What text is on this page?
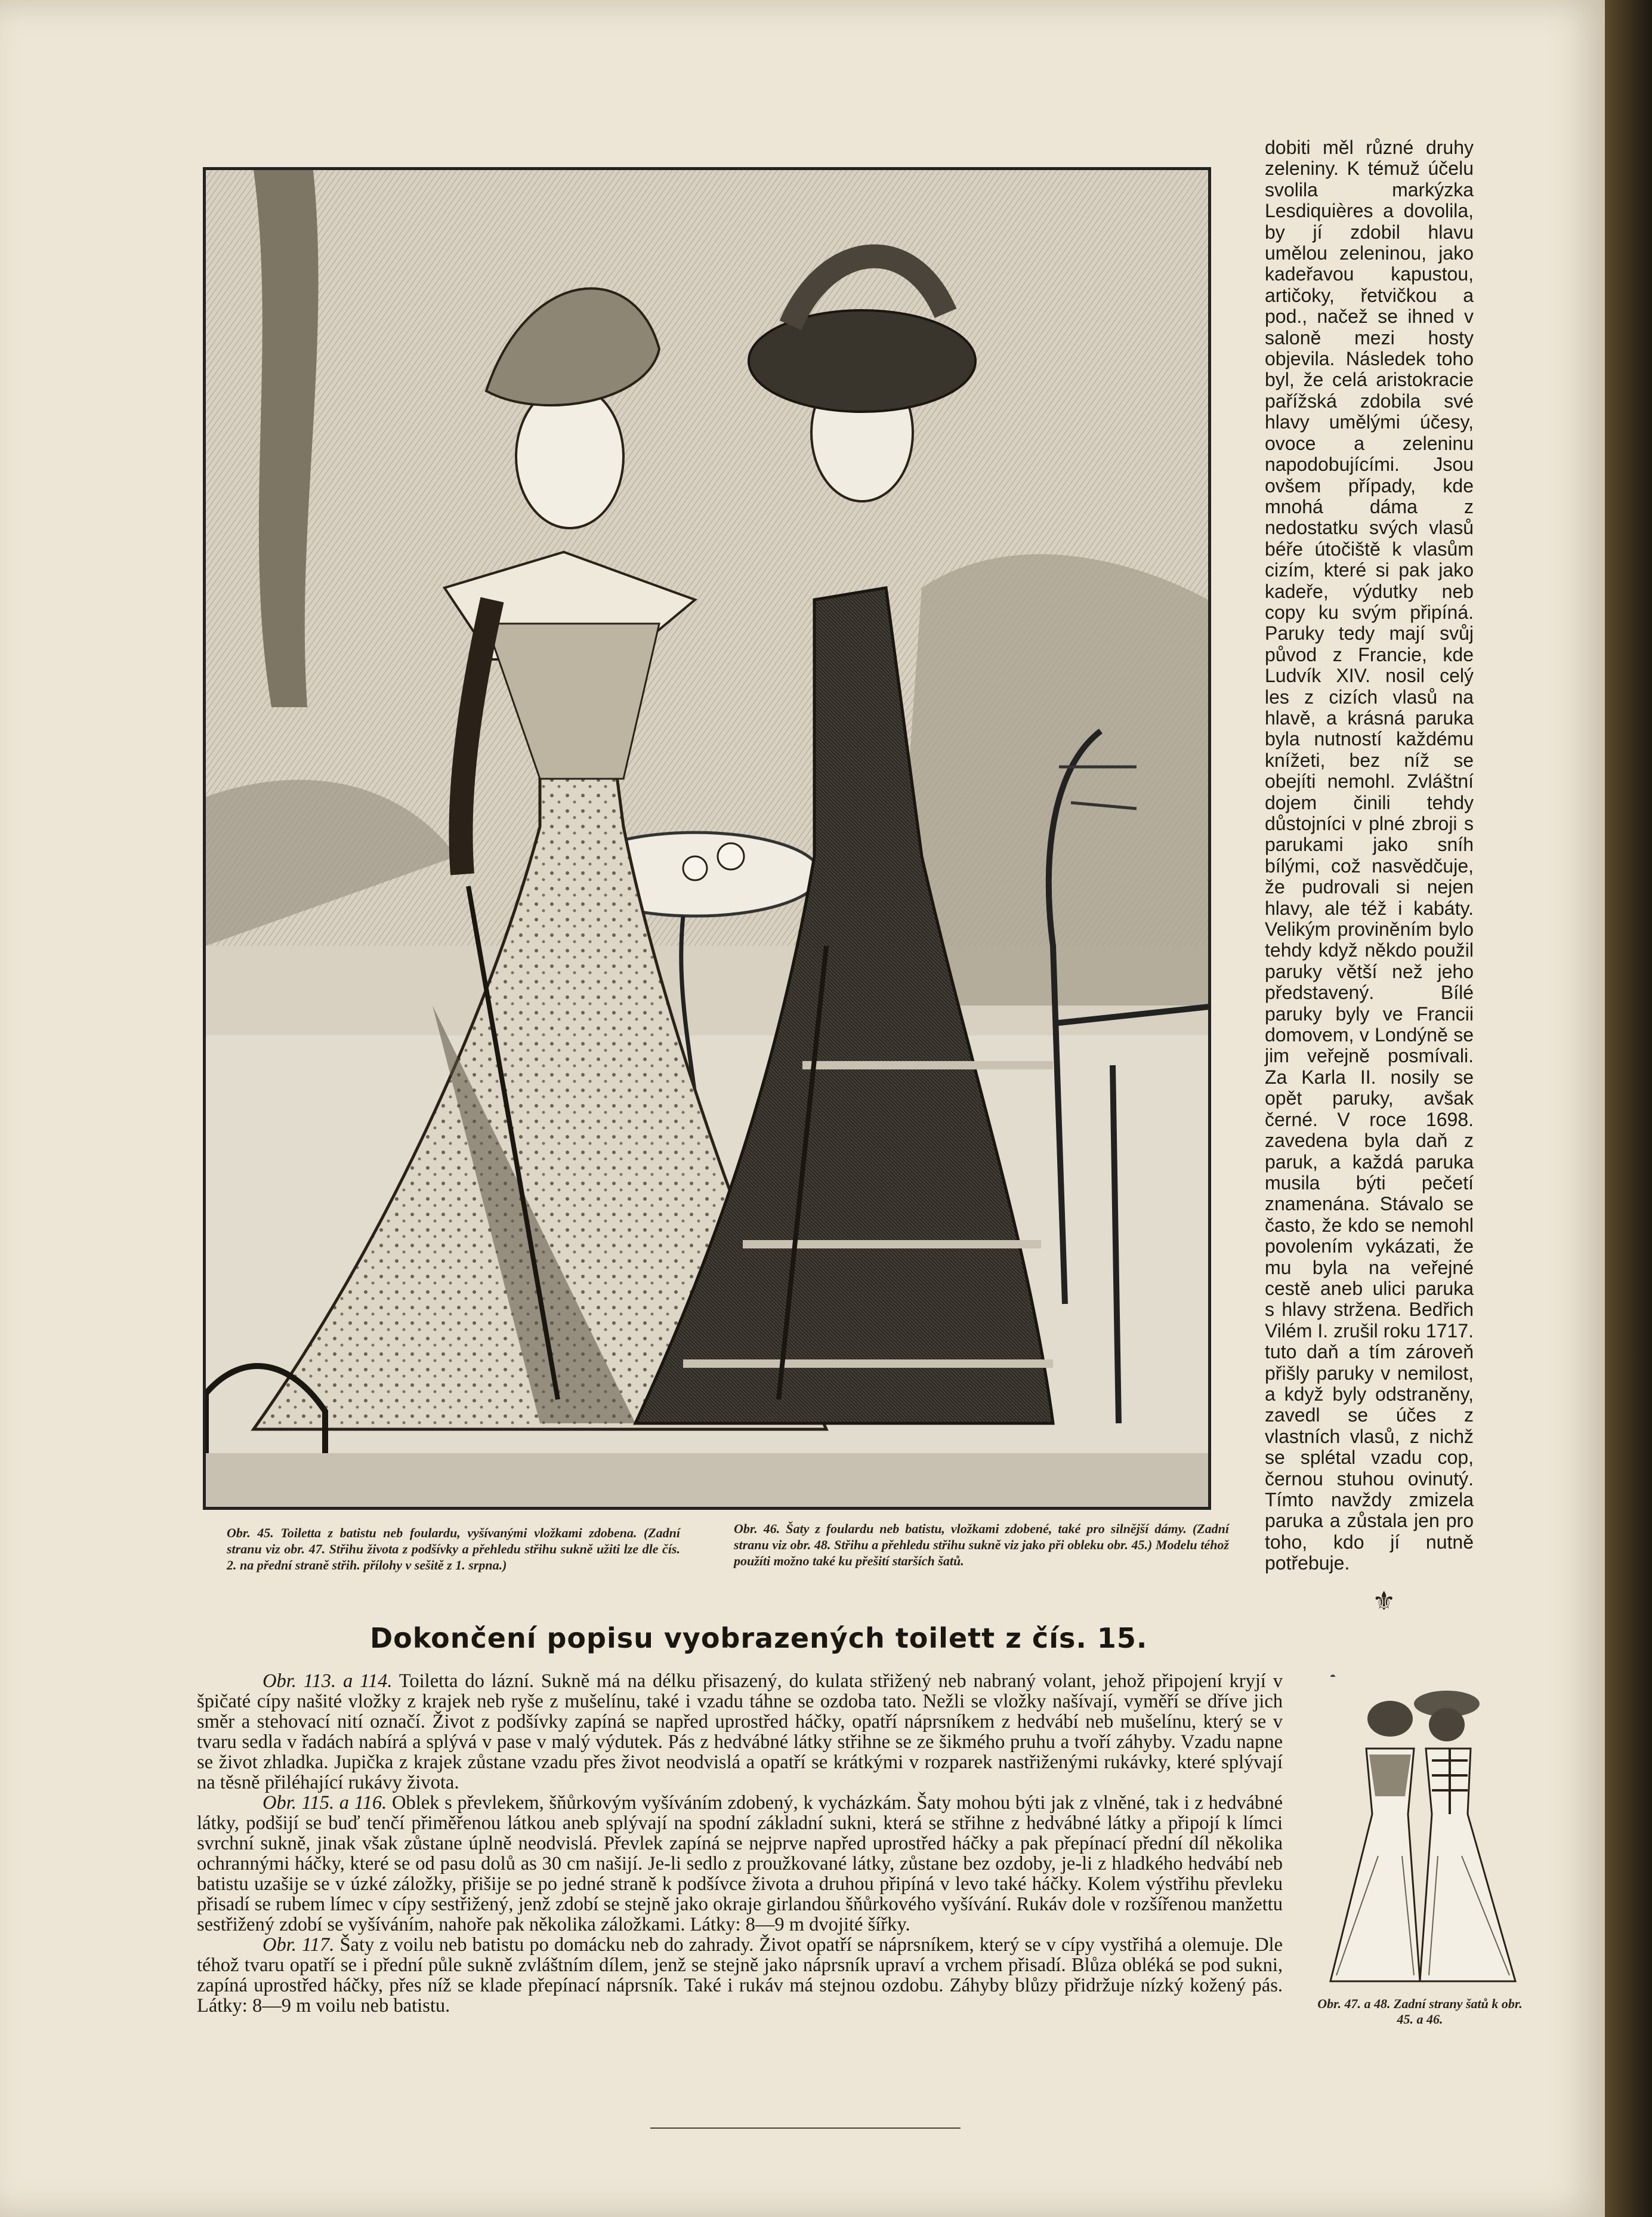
Obr. 45. Toiletta z batistu neb foulardu, vyšívanými vložkami zdobena. (Zadní stranu viz obr. 47. Střihu života z podšívky a přehledu střihu sukně užiti lze dle čís. 2. na přední straně střih. přílohy v sešitě z 1. srpna.)
Obr. 46. Šaty z foulardu neb batistu, vložkami zdobené, také pro silnější dámy. (Zadní stranu viz obr. 48. Střihu a přehledu střihu sukně viz jako při obleku obr. 45.) Modelu téhož použíti možno také ku přešití starších šatů.

dobiti měl různé druhy zeleniny. K témuž účelu svolila markýzka Lesdiquières a dovolila, by jí zdobil hlavu umělou zeleninou, jako kadeřavou kapustou, artičoky, řetvičkou a pod., načež se ihned v saloně mezi hosty objevila. Následek toho byl, že celá aristokracie pařížská zdobila své hlavy umělými účesy, ovoce a zeleninu napodobujícími. Jsou ovšem případy, kde mnohá dáma z nedostatku svých vlasů béře útočiště k vlasům cizím, které si pak jako kadeře, výdutky neb copy ku svým připíná. Paruky tedy mají svůj původ z Francie, kde Ludvík XIV. nosil celý les z cizích vlasů na hlavě, a krásná paruka byla nutností každému knížeti, bez níž se obejíti nemohl. Zvláštní dojem činili tehdy důstojníci v plné zbroji s parukami jako sníh bílými, což nasvědčuje, že pudrovali si nejen hlavy, ale též i kabáty. Velikým proviněním bylo tehdy když někdo použil paruky větší než jeho představený. Bílé paruky byly ve Francii domovem, v Londýně se jim veřejně posmívali. Za Karla II. nosily se opět paruky, avšak černé. V roce 1698. zavedena byla daň z paruk, a každá paruka musila býti pečetí znamenána. Stávalo se často, že kdo se nemohl povolením vykázati, že mu byla na veřejné cestě aneb ulici paruka s hlavy stržena. Bedřich Vilém I. zrušil roku 1717. tuto daň a tím zároveň přišly paruky v nemilost, a když byly odstraněny, zavedl se účes z vlastních vlasů, z nichž se splétal vzadu cop, černou stuhou ovinutý. Tímto navždy zmizela paruka a zůstala jen pro toho, kdo jí nutně potřebuje.

⚜
Dokončení popisu vyobrazených toilett z čís. 15.

Obr. 113. a 114. Toiletta do lázní. Sukně má na délku přisazený, do kulata střižený neb nabraný volant, jehož připojení kryjí v špičaté cípy našité vložky z krajek neb ryše z mušelínu, také i vzadu táhne se ozdoba tato. Nežli se vložky našívají, vyměří se dříve jich směr a stehovací nití označí. Život z podšívky zapíná se napřed uprostřed háčky, opatří náprsníkem z hedvábí neb mušelínu, který se v tvaru sedla v řadách nabírá a splývá v pase v malý výdutek. Pás z hedvábné látky střihne se ze šikmého pruhu a tvoří záhyby. Vzadu napne se život zhladka. Jupička z krajek zůstane vzadu přes život neodvislá a opatří se krátkými v rozparek nastřiženými rukávky, které splývají na těsně přiléhající rukávy života.

Obr. 115. a 116. Oblek s převlekem, šňůrkovým vyšíváním zdobený, k vycházkám. Šaty mohou býti jak z vlněné, tak i z hedvábné látky, podšijí se buď tenčí přiměřenou látkou aneb splývají na spodní základní sukni, která se střihne z hedvábné látky a připojí k límci svrchní sukně, jinak však zůstane úplně neodvislá. Převlek zapíná se nejprve napřed uprostřed háčky a pak přepínací přední díl několika ochrannými háčky, které se od pasu dolů as 30 cm našijí. Je-li sedlo z proužkované látky, zůstane bez ozdoby, je-li z hladkého hedvábí neb batistu uzašije se v úzké záložky, přišije se po jedné straně k podšívce života a druhou připíná v levo také háčky. Kolem výstřihu převleku přisadí se rubem límec v cípy sestřižený, jenž zdobí se stejně jako okraje girlandou šňůrkového vyšívání. Rukáv dole v rozšířenou manžettu sestřižený zdobí se vyšíváním, nahoře pak několika záložkami. Látky: 8—9 m dvojité šířky.

Obr. 117. Šaty z voilu neb batistu po domácku neb do zahrady. Život opatří se náprsníkem, který se v cípy vystřihá a olemuje. Dle téhož tvaru opatří se i přední půle sukně zvláštním dílem, jenž se stejně jako náprsník upraví a vrchem přisadí. Blůza obléká se pod sukni, zapíná uprostřed háčky, přes níž se klade přepínací náprsník. Také i rukáv má stejnou ozdobu. Záhyby blůzy přidržuje nízký kožený pás. Látky: 8—9 m voilu neb batistu.	Obr. 47. a 48. Zadní strany šatů k obr. 45. a 46.
